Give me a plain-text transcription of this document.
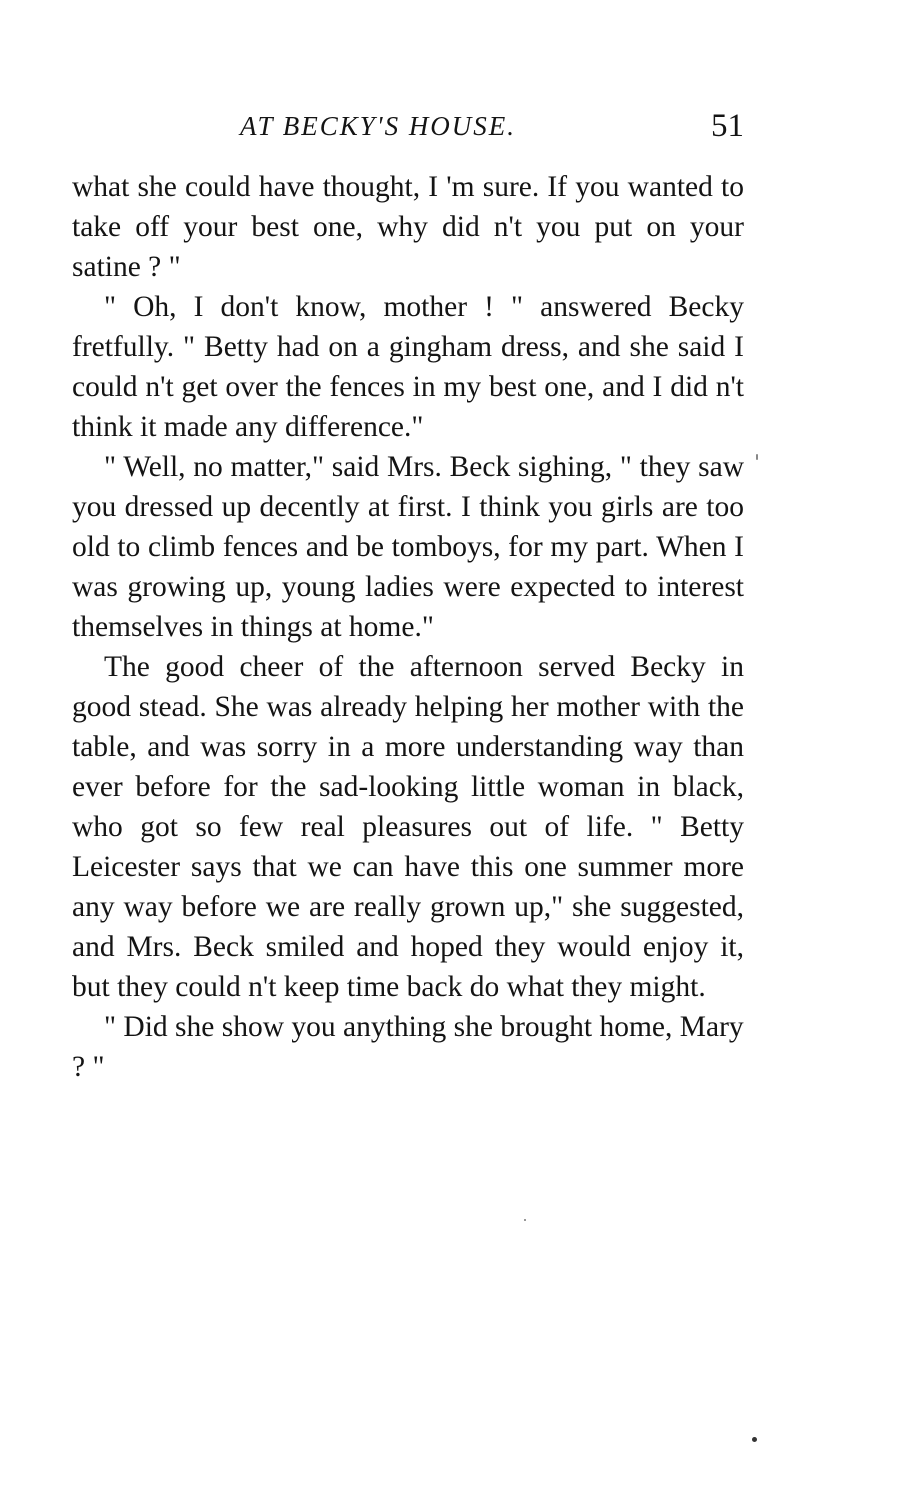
AT BECKY'S HOUSE.	51

what she could have thought, I 'm sure. If you wanted to take off your best one, why did n't you put on your satine ? "

" Oh, I don't know, mother ! " answered Becky fretfully. " Betty had on a gingham dress, and she said I could n't get over the fences in my best one, and I did n't think it made any difference."

" Well, no matter," said Mrs. Beck sighing, " they saw you dressed up decently at first. I think you girls are too old to climb fences and be tomboys, for my part. When I was growing up, young ladies were expected to interest themselves in things at home."

The good cheer of the afternoon served Becky in good stead. She was already helping her mother with the table, and was sorry in a more understanding way than ever before for the sad-looking little woman in black, who got so few real pleasures out of life. " Betty Leicester says that we can have this one summer more any way before we are really grown up," she suggested, and Mrs. Beck smiled and hoped they would enjoy it, but they could n't keep time back do what they might.

" Did she show you anything she brought home, Mary ? "
